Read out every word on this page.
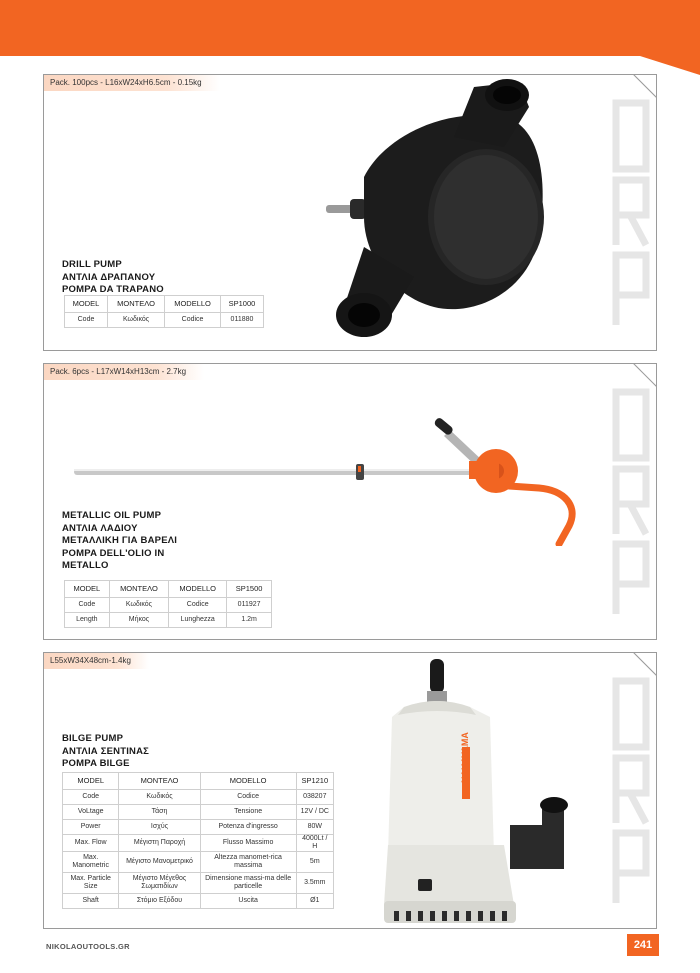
Pack. 100pcs - L16xW24xH6.5cm - 0.15kg
DRILL PUMP
ΑΝΤΛΙΑ ΔΡΑΠΑΝΟΥ
POMPA DA TRAPANO
MODEL	ΜΟΝΤΕΛΟ	MODELLO	SP1000
Code	Κωδικός	Codice	011880
Pack. 6pcs - L17xW14xH13cm - 2.7kg
METALLIC OIL PUMP
ΑΝΤΛΙΑ ΛΑΔΙΟΥ
ΜΕΤΑΛΛΙΚΗ ΓΙΑ ΒΑΡΕΛΙ
POMPA DELL'OLIO IN
METALLO
MODEL	ΜΟΝΤΕΛΟ	MODELLO	SP1500
Code	Κωδικός	Codice	011927
Length	Μήκος	Lunghezza	1.2m
L55xW34X48cm-1.4kg
NAKAYAMA
BILGE PUMP
ΑΝΤΛΙΑ ΣΕΝΤΙΝΑΣ
POMPA BILGE
MODEL	ΜΟΝΤΕΛΟ	MODELLO	SP1210
Code	Κωδικός	Codice	038207
VoLtage	Τάση	Tensione	12V / DC
Power	Ισχύς	Potenza d'ingresso	80W
Max. Flow	Μέγιστη Παροχή	Flusso Massimo	4000Lt / H
Max. Manometric	Μέγιστο Μανομετρικό	Altezza manomet-rica massima	5m
Max. Particle Size	Μέγιστο Μέγεθος Σωματιδίων	Dimensione massi-ma delle particelle	3.5mm
Shaft	Στόμιο Εξόδου	Uscita	Ø1
NIKOLAOUTOOLS.GR	241
